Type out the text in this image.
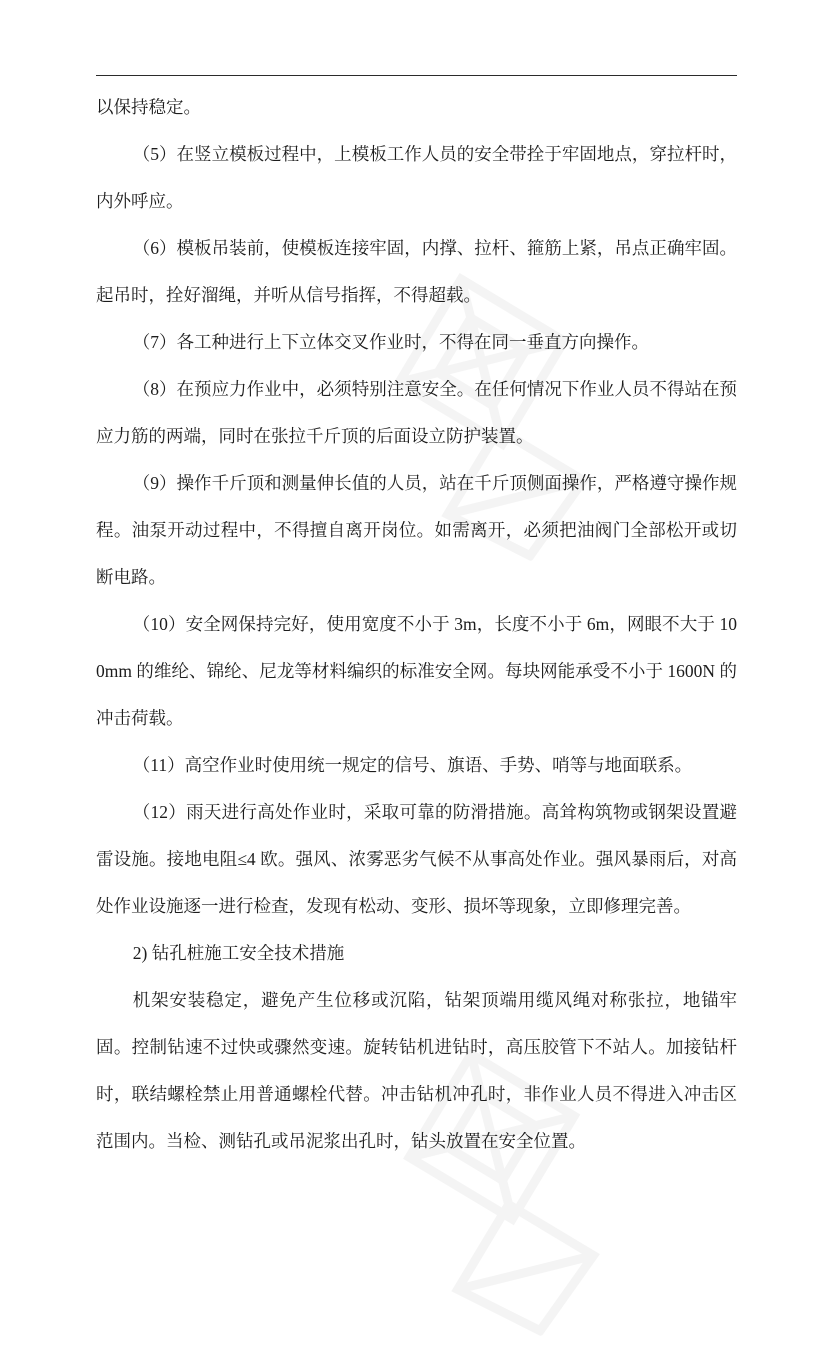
以保持稳定。

（5）在竖立模板过程中，上模板工作人员的安全带拴于牢固地点，穿拉杆时，内外呼应。

（6）模板吊装前，使模板连接牢固，内撑、拉杆、箍筋上紧，吊点正确牢固。起吊时，拴好溜绳，并听从信号指挥，不得超载。

（7）各工种进行上下立体交叉作业时，不得在同一垂直方向操作。

（8）在预应力作业中，必须特别注意安全。在任何情况下作业人员不得站在预应力筋的两端，同时在张拉千斤顶的后面设立防护装置。

（9）操作千斤顶和测量伸长值的人员，站在千斤顶侧面操作，严格遵守操作规程。油泵开动过程中，不得擅自离开岗位。如需离开，必须把油阀门全部松开或切断电路。

（10）安全网保持完好，使用宽度不小于 3m，长度不小于 6m，网眼不大于 100mm 的维纶、锦纶、尼龙等材料编织的标准安全网。每块网能承受不小于 1600N 的冲击荷载。

（11）高空作业时使用统一规定的信号、旗语、手势、哨等与地面联系。

（12）雨天进行高处作业时，采取可靠的防滑措施。高耸构筑物或钢架设置避雷设施。接地电阻≤4 欧。强风、浓雾恶劣气候不从事高处作业。强风暴雨后，对高处作业设施逐一进行检查，发现有松动、变形、损坏等现象，立即修理完善。

2) 钻孔桩施工安全技术措施

机架安装稳定，避免产生位移或沉陷，钻架顶端用缆风绳对称张拉，地锚牢固。控制钻速不过快或骤然变速。旋转钻机进钻时，高压胶管下不站人。加接钻杆时，联结螺栓禁止用普通螺栓代替。冲击钻机冲孔时，非作业人员不得进入冲击区范围内。当检、测钻孔或吊泥浆出孔时，钻头放置在安全位置。
